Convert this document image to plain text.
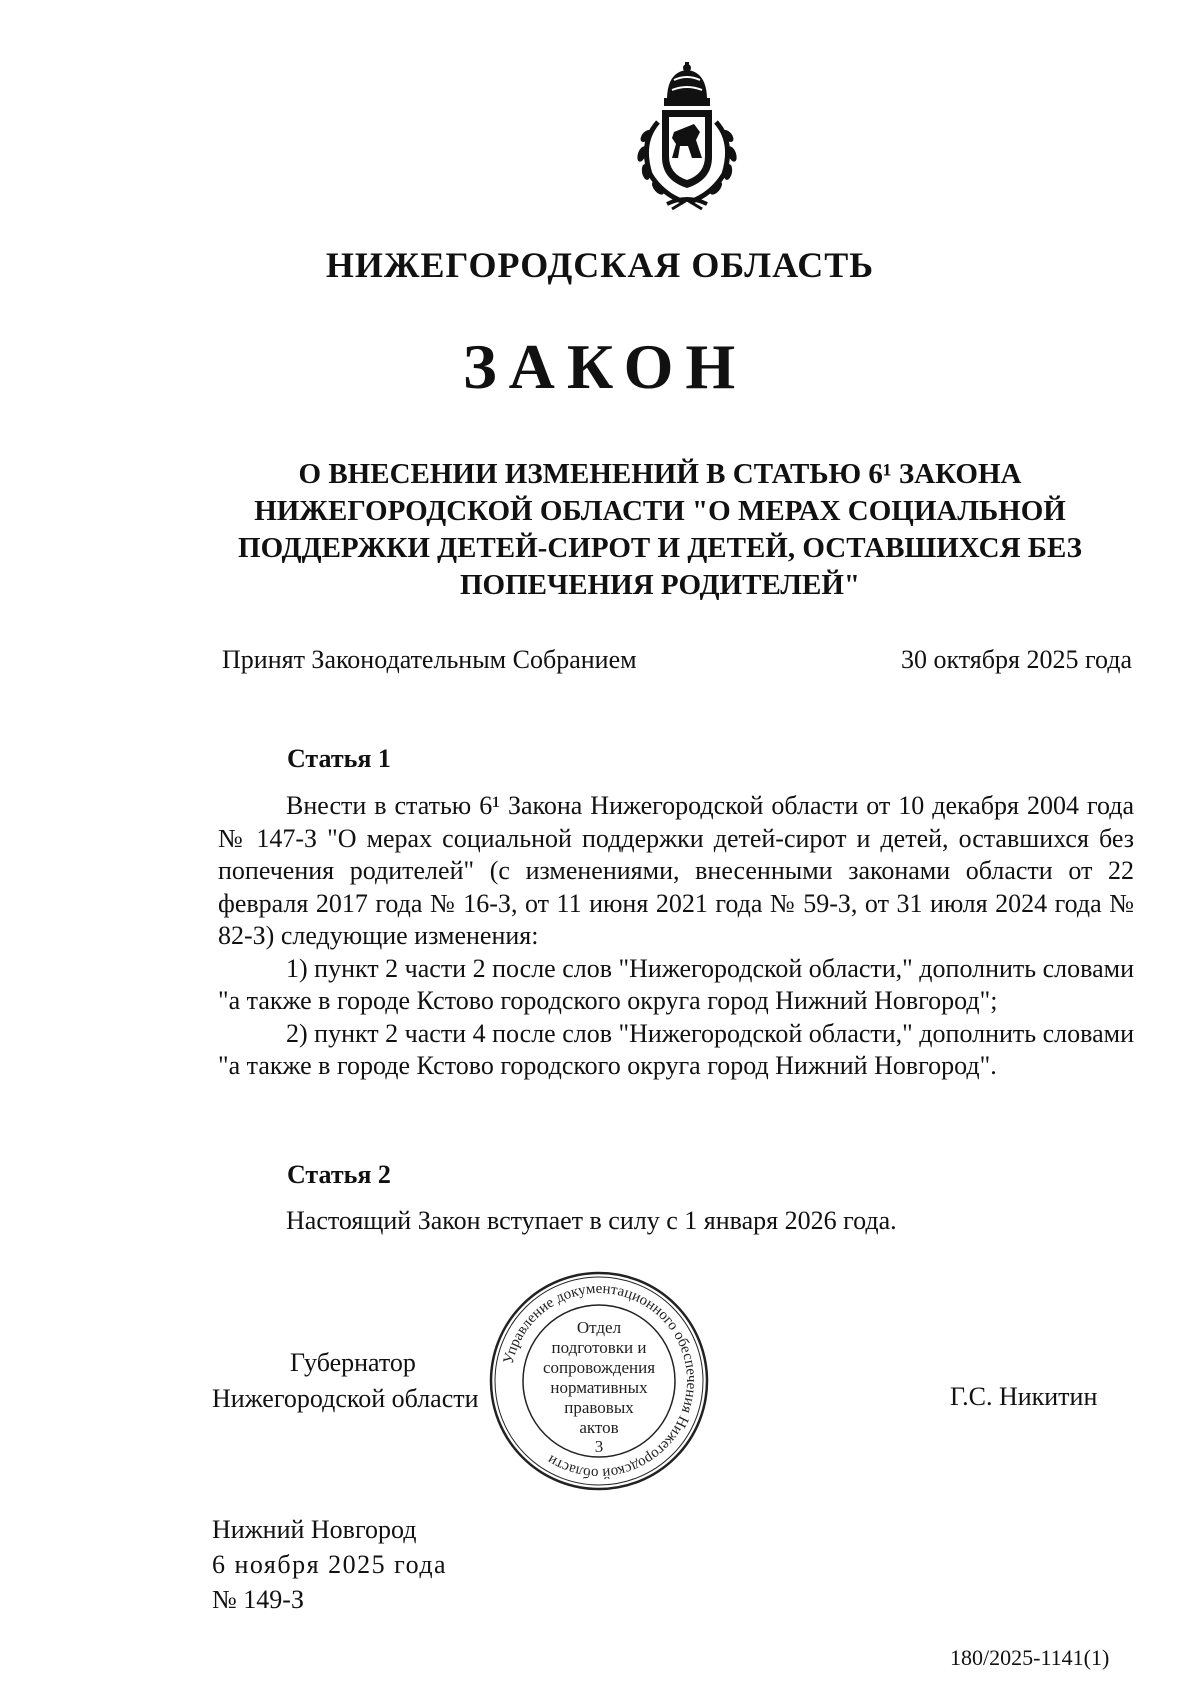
НИЖЕГОРОДСКАЯ ОБЛАСТЬ
ЗАКОН

О ВНЕСЕНИИ ИЗМЕНЕНИЙ В СТАТЬЮ 6¹ ЗАКОНА

НИЖЕГОРОДСКОЙ ОБЛАСТИ "О МЕРАХ СОЦИАЛЬНОЙ

ПОДДЕРЖКИ ДЕТЕЙ-СИРОТ И ДЕТЕЙ, ОСТАВШИХСЯ БЕЗ

ПОПЕЧЕНИЯ РОДИТЕЛЕЙ"

Принят Законодательным Собранием	30 октября 2025 года
Статья 1

Внести в статью 6¹ Закона Нижегородской области от 10 декабря 2004 года № 147-З "О мерах социальной поддержки детей-сирот и детей, оставшихся без попечения родителей" (с изменениями, внесенными законами области от 22 февраля 2017 года № 16-З, от 11 июня 2021 года № 59-З, от 31 июля 2024 года № 82-З) следующие изменения:

1) пункт 2 части 2 после слов "Нижегородской области," дополнить словами "а также в городе Кстово городского округа город Нижний Новгород";

2) пункт 2 части 4 после слов "Нижегородской области," дополнить словами "а также в городе Кстово городского округа город Нижний Новгород".

Статья 2

Настоящий Закон вступает в силу с 1 января 2026 года.

Губернатор
Нижегородской области	Г.С. Никитин
Управление документационного обеспечения Нижегородской области
Отдел
подготовки и
сопровождения
нормативных
правовых
актов
3
Нижний Новгород
6 ноября 2025 года
№ 149-З
180/2025-1141(1)
